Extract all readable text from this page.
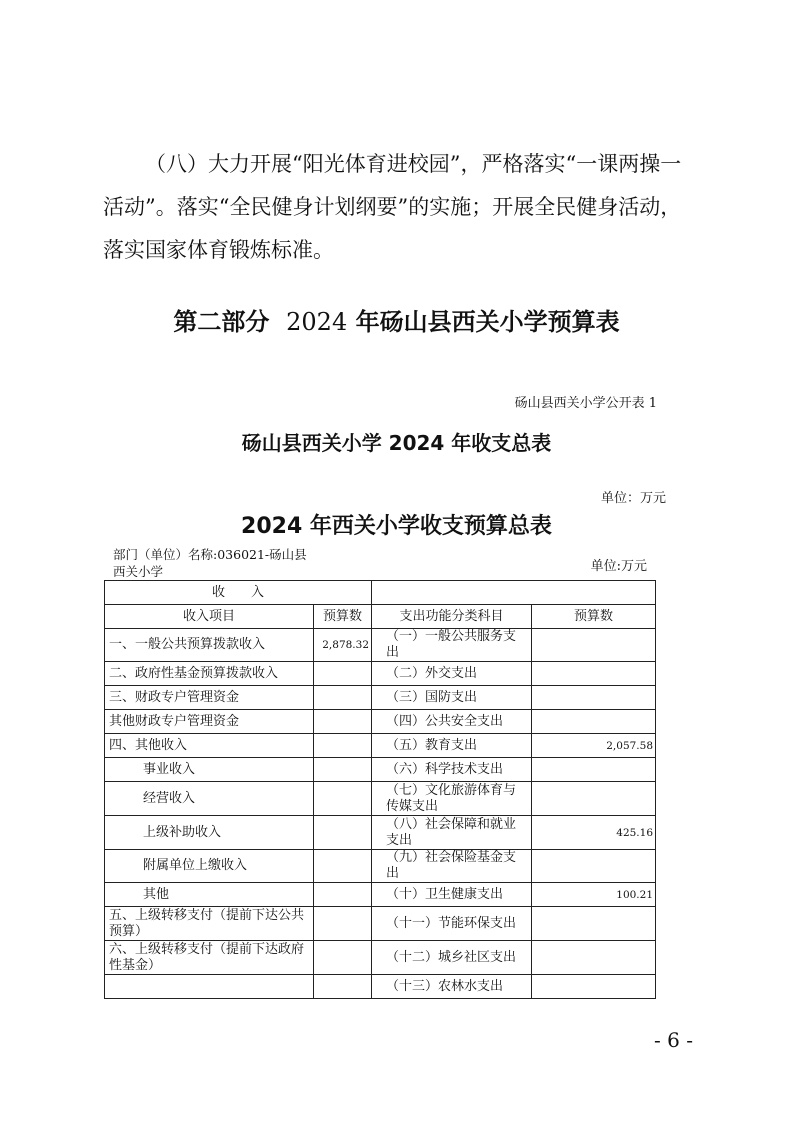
（八）大力开展“阳光体育进校园”，严格落实“一课两操一
活动”。落实“全民健身计划纲要”的实施；开展全民健身活动，
落实国家体育锻炼标准。
第二部分 2024 年砀山县西关小学预算表
砀山县西关小学公开表 1
砀山县西关小学 2024 年收支总表
单位：万元
2024 年西关小学收支预算总表
部门（单位）名称:036021-砀山县西关小学	单位:万元
收　　入			
收入项目	预算数	支出功能分类科目	预算数
一、一般公共预算拨款收入	2,878.32	（一）一般公共服务支出	
二、政府性基金预算拨款收入		（二）外交支出	
三、财政专户管理资金		（三）国防支出	
其他财政专户管理资金		（四）公共安全支出	
四、其他收入		（五）教育支出	2,057.58
事业收入		（六）科学技术支出	
经营收入		（七）文化旅游体育与传媒支出	
上级补助收入		（八）社会保障和就业支出	425.16
附属单位上缴收入		（九）社会保险基金支出	
其他		（十）卫生健康支出	100.21
五、上级转移支付（提前下达公共预算）		（十一）节能环保支出	
六、上级转移支付（提前下达政府性基金）		（十二）城乡社区支出	
		（十三）农林水支出	
- 6 -
